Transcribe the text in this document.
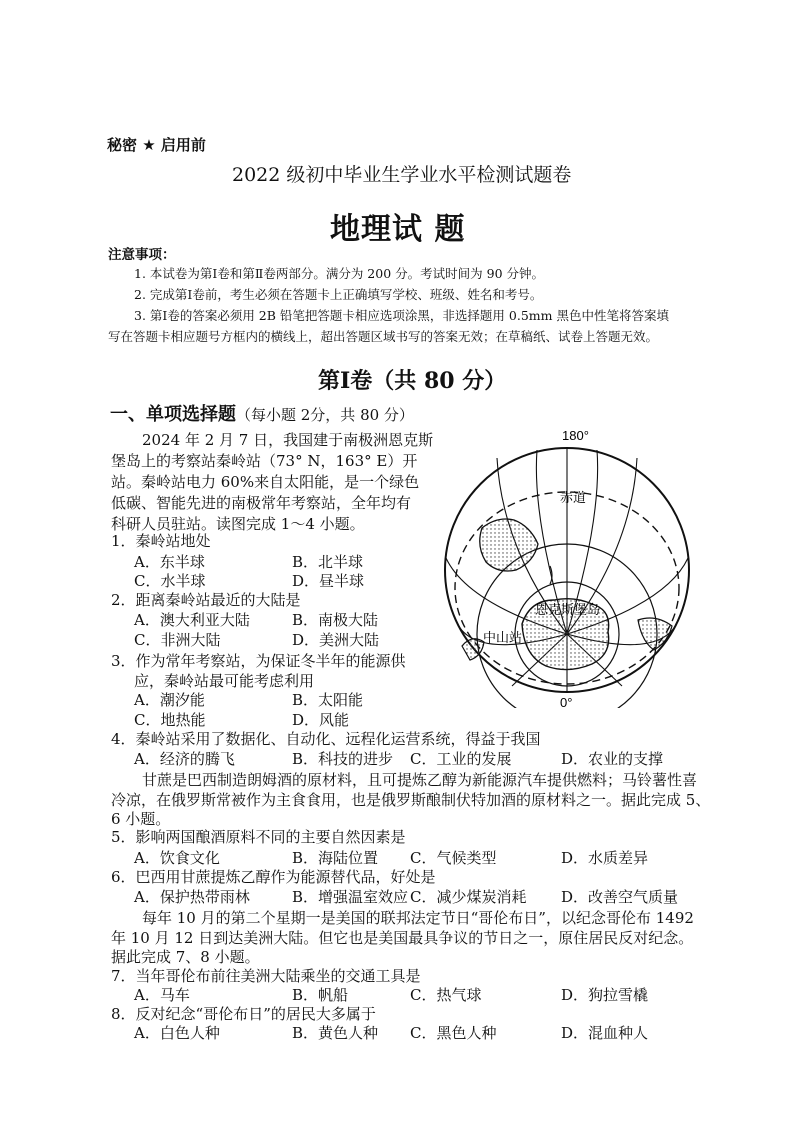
秘密 ★ 启用前
2022 级初中毕业生学业水平检测试题卷
地理试 题
注意事项：
1. 本试卷为第Ⅰ卷和第Ⅱ卷两部分。满分为 200 分。考试时间为 90 分钟。
2. 完成第Ⅰ卷前，考生必须在答题卡上正确填写学校、班级、姓名和考号。
3. 第Ⅰ卷的答案必须用 2B 铅笔把答题卡相应选项涂黑，非选择题用 0.5mm 黑色中性笔将答案填
写在答题卡相应题号方框内的横线上，超出答题区域书写的答案无效；在草稿纸、试卷上答题无效。
第Ⅰ卷（共 80 分）
一、单项选择题（每小题 2分，共 80 分）
2024 年 2 月 7 日，我国建于南极洲恩克斯
堡岛上的考察站秦岭站（73° N，163° E）开
站。秦岭站电力 60%来自太阳能，是一个绿色
低碳、智能先进的南极常年考察站，全年均有
科研人员驻站。读图完成 1～4 小题。
1．秦岭站地处
A．东半球	B．北半球
C．水半球	D．昼半球
2．距离秦岭站最近的大陆是
A．澳大利亚大陆	B．南极大陆
C．非洲大陆	D．美洲大陆
3．作为常年考察站，为保证冬半年的能源供
应，秦岭站最可能考虑利用
A．潮汐能	B．太阳能
C．地热能	D．风能
4．秦岭站采用了数据化、自动化、远程化运营系统，得益于我国
A．经济的腾飞	B．科技的进步 C．工业的发展	D．农业的支撑
甘蔗是巴西制造朗姆酒的原材料，且可提炼乙醇为新能源汽车提供燃料；马铃薯性喜
冷凉，在俄罗斯常被作为主食食用，也是俄罗斯酿制伏特加酒的原材料之一。据此完成 5、
6 小题。
5．影响两国酿酒原料不同的主要自然因素是
A．饮食文化	B．海陆位置 C．气候类型	D．水质差异
6．巴西用甘蔗提炼乙醇作为能源替代品，好处是
A．保护热带雨林	B．增强温室效应 C．减少煤炭消耗 D．改善空气质量
每年 10 月的第二个星期一是美国的联邦法定节日“哥伦布日”，以纪念哥伦布 1492
年 10 月 12 日到达美洲大陆。但它也是美国最具争议的节日之一，原住居民反对纪念。
据此完成 7、8 小题。
7．当年哥伦布前往美洲大陆乘坐的交通工具是
A．马车	B．帆船	C．热气球	D．狗拉雪橇
8．反对纪念“哥伦布日”的居民大多属于
A．白色人种	B．黄色人种 C．黑色人种	D．混血种人
180°
0°
赤道
恩克斯堡岛
中山站
